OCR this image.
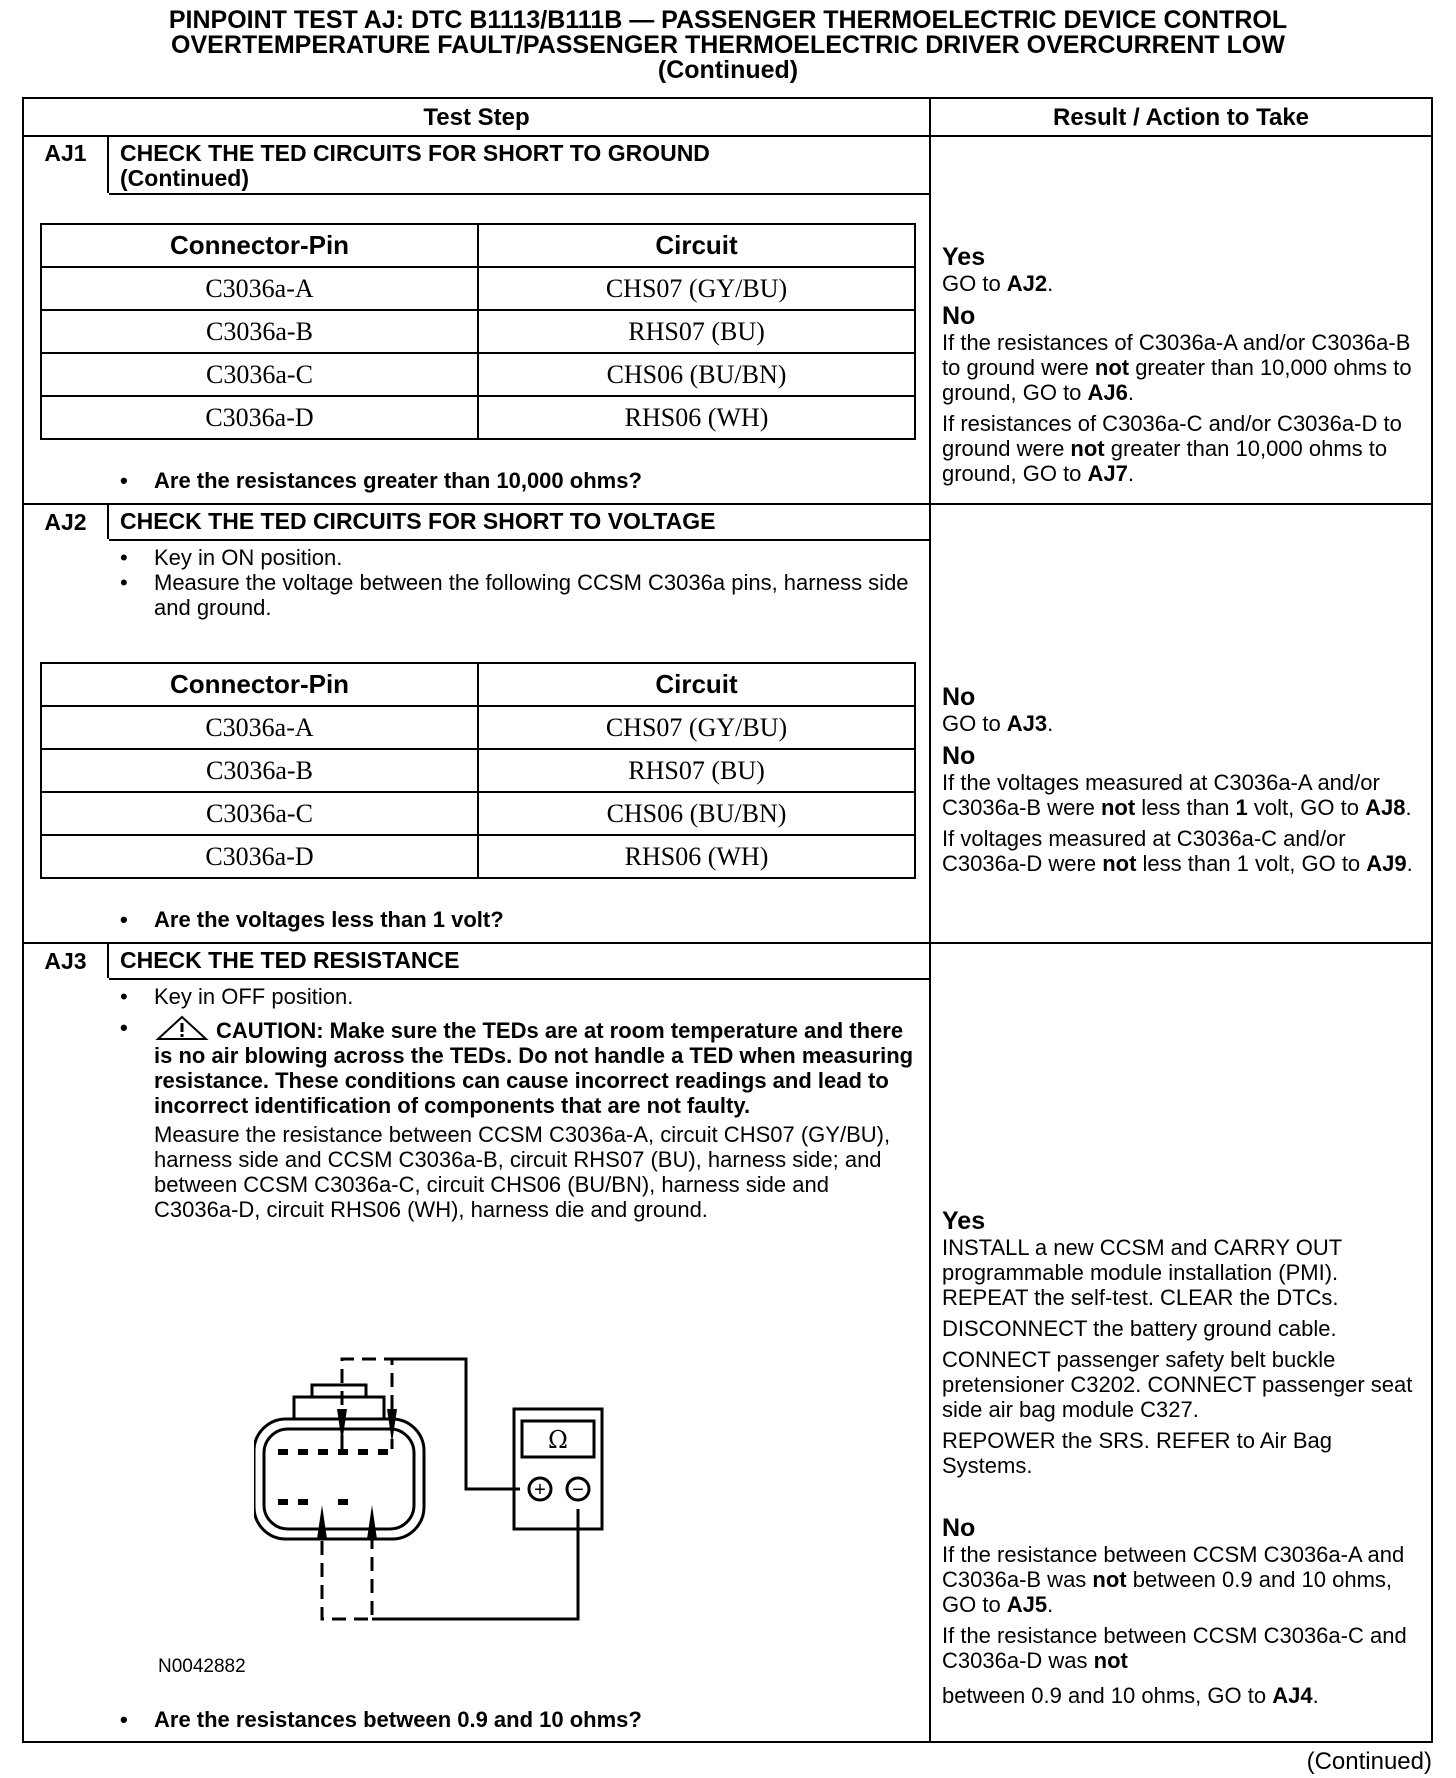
PINPOINT TEST AJ: DTC B1113/B111B — PASSENGER THERMOELECTRIC DEVICE CONTROL
OVERTEMPERATURE FAULT/PASSENGER THERMOELECTRIC DRIVER OVERCURRENT LOW
(Continued)
Test Step	Result / Action to Take
AJ1	CHECK THE TED CIRCUITS FOR SHORT TO GROUND
(Continued)
Connector-Pin	Circuit
C3036a-A	CHS07 (GY/BU)
C3036a-B	RHS07 (BU)
C3036a-C	CHS06 (BU/BN)
C3036a-D	RHS06 (WH)
• Are the resistances greater than 10,000 ohms?
Yes

GO to AJ2.

No

If the resistances of C3036a-A and/or C3036a-B to ground were not greater than 10,000 ohms to ground, GO to AJ6.

If resistances of C3036a-C and/or C3036a-D to ground were not greater than 10,000 ohms to ground, GO to AJ7.

AJ2	CHECK THE TED CIRCUITS FOR SHORT TO VOLTAGE
• Key in ON position.
• Measure the voltage between the following CCSM C3036a pins, harness side and ground.
Connector-Pin	Circuit
C3036a-A	CHS07 (GY/BU)
C3036a-B	RHS07 (BU)
C3036a-C	CHS06 (BU/BN)
C3036a-D	RHS06 (WH)
• Are the voltages less than 1 volt?
No

GO to AJ3.

No

If the voltages measured at C3036a-A and/or C3036a-B were not less than 1 volt, GO to AJ8.

If voltages measured at C3036a-C and/or C3036a-D were not less than 1 volt, GO to AJ9.

AJ3	CHECK THE TED RESISTANCE
• Key in OFF position.
• CAUTION: Make sure the TEDs are at room temperature and there is no air blowing across the TEDs. Do not handle a TED when measuring resistance. These conditions can cause incorrect readings and lead to incorrect identification of components that are not faulty.
Measure the resistance between CCSM C3036a-A, circuit CHS07 (GY/BU), harness side and CCSM C3036a-B, circuit RHS07 (BU), harness side; and between CCSM C3036a-C, circuit CHS06 (BU/BN), harness side and C3036a-D, circuit RHS06 (WH), harness die and ground.
N0042882
• Are the resistances between 0.9 and 10 ohms?
Yes

INSTALL a new CCSM and CARRY OUT programmable module installation (PMI). REPEAT the self-test. CLEAR the DTCs.

DISCONNECT the battery ground cable.

CONNECT passenger safety belt buckle pretensioner C3202. CONNECT passenger seat side air bag module C327.

REPOWER the SRS. REFER to Air Bag Systems.

No

If the resistance between CCSM C3036a-A and C3036a-B was not between 0.9 and 10 ohms, GO to AJ5.

If the resistance between CCSM C3036a-C and C3036a-D was not

between 0.9 and 10 ohms, GO to AJ4.

Ω
+ −
(Continued)
